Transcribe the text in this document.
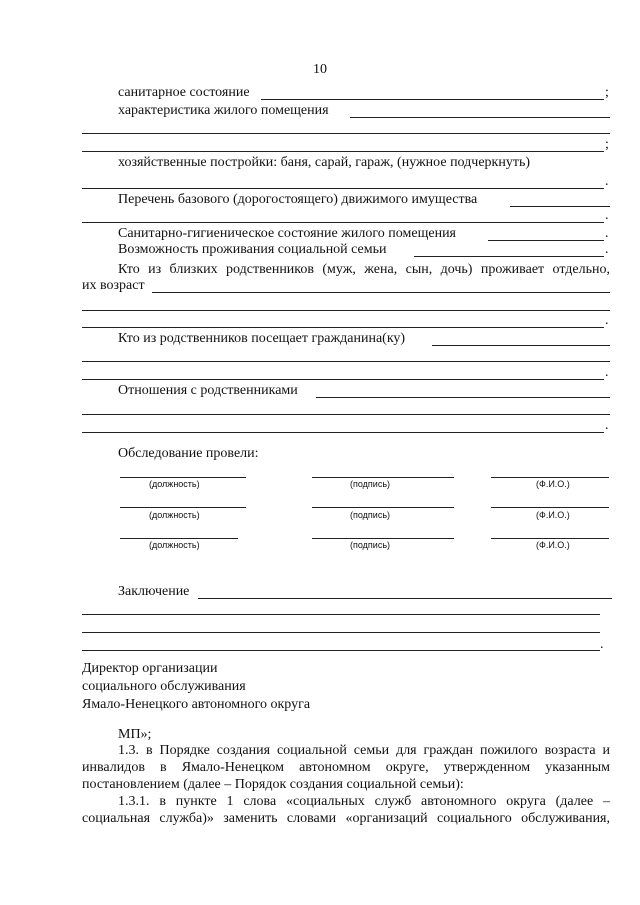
10
санитарное состояние	;
характеристика жилого помещения
;
хозяйственные постройки: баня, сарай, гараж, (нужное подчеркнуть)
.
Перечень базового (дорогостоящего) движимого имущества
.
Санитарно-гигиеническое состояние жилого помещения	.
Возможность проживания социальной семьи	.
Кто из близких родственников (муж, жена, сын, дочь) проживает отдельно,
их возраст
.
Кто из родственников посещает гражданина(ку)
.
Отношения с родственниками
.
Обследование провели:
(должность)	(подпись)	(Ф.И.О.)
(должность)	(подпись)	(Ф.И.О.)
(должность)	(подпись)	(Ф.И.О.)
Заключение
.
Директор организации
социального обслуживания
Ямало-Ненецкого автономного округа
МП»;
1.3. в Порядке создания социальной семьи для граждан пожилого возраста и
инвалидов в Ямало-Ненецком автономном округе, утвержденном указанным
постановлением (далее – Порядок создания социальной семьи):
1.3.1. в пункте 1 слова «социальных служб автономного округа (далее –
социальная служба)» заменить словами «организаций социального обслуживания,
